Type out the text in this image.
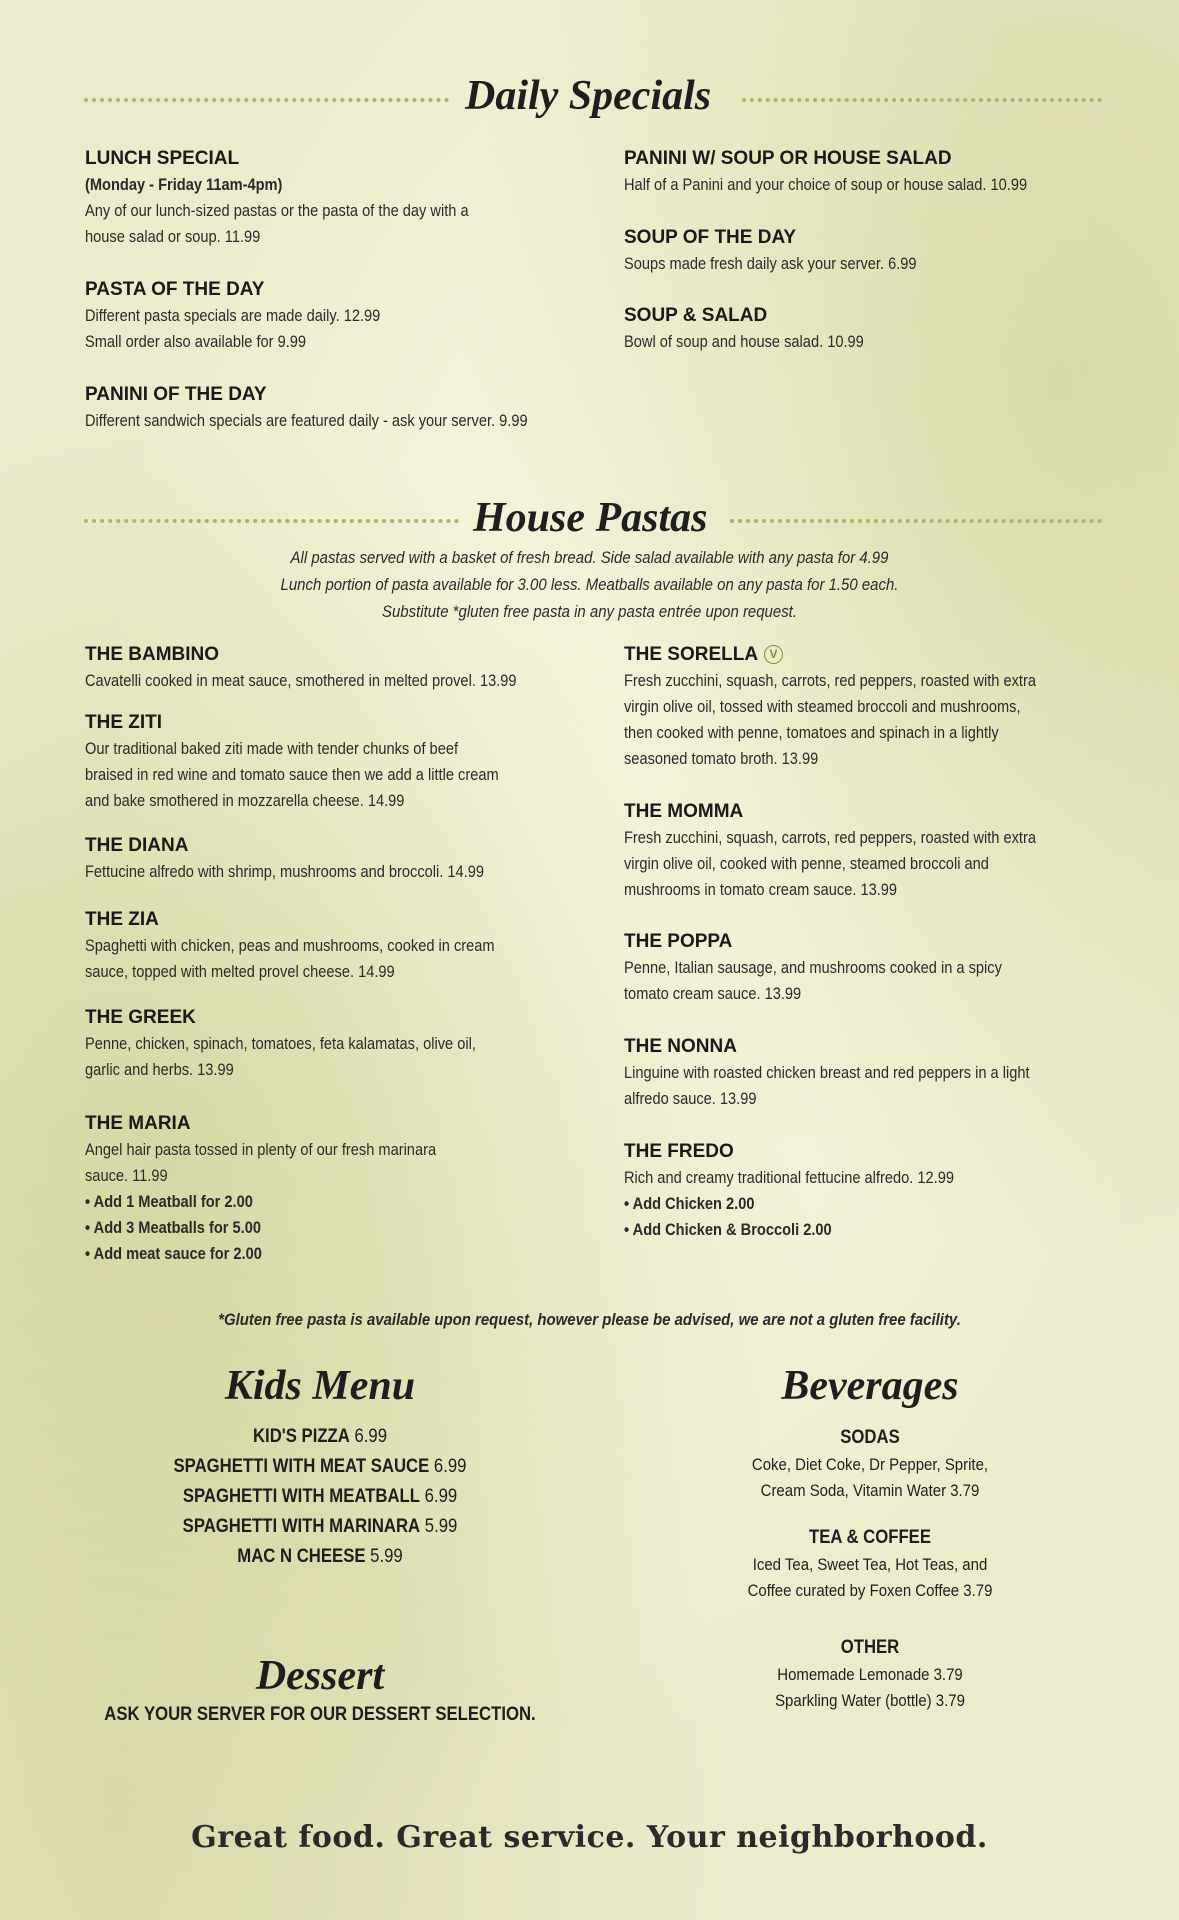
Daily Specials
LUNCH SPECIAL
(Monday - Friday 11am-4pm)
Any of our lunch-sized pastas or the pasta of the day with a
house salad or soup. 11.99
PASTA OF THE DAY
Different pasta specials are made daily. 12.99
Small order also available for 9.99
PANINI OF THE DAY
Different sandwich specials are featured daily - ask your server. 9.99
PANINI W/ SOUP OR HOUSE SALAD
Half of a Panini and your choice of soup or house salad. 10.99
SOUP OF THE DAY
Soups made fresh daily ask your server. 6.99
SOUP & SALAD
Bowl of soup and house salad. 10.99
House Pastas
All pastas served with a basket of fresh bread. Side salad available with any pasta for 4.99
Lunch portion of pasta available for 3.00 less. Meatballs available on any pasta for 1.50 each.
Substitute *gluten free pasta in any pasta entrée upon request.
THE BAMBINO
Cavatelli cooked in meat sauce, smothered in melted provel. 13.99
THE ZITI
Our traditional baked ziti made with tender chunks of beef
braised in red wine and tomato sauce then we add a little cream
and bake smothered in mozzarella cheese. 14.99
THE DIANA
Fettucine alfredo with shrimp, mushrooms and broccoli. 14.99
THE ZIA
Spaghetti with chicken, peas and mushrooms, cooked in cream
sauce, topped with melted provel cheese. 14.99
THE GREEK
Penne, chicken, spinach, tomatoes, feta kalamatas, olive oil,
garlic and herbs. 13.99
THE MARIA
Angel hair pasta tossed in plenty of our fresh marinara
sauce. 11.99
• Add 1 Meatball for 2.00
• Add 3 Meatballs for 5.00
• Add meat sauce for 2.00
THE SORELLA V
Fresh zucchini, squash, carrots, red peppers, roasted with extra
virgin olive oil, tossed with steamed broccoli and mushrooms,
then cooked with penne, tomatoes and spinach in a lightly
seasoned tomato broth. 13.99
THE MOMMA
Fresh zucchini, squash, carrots, red peppers, roasted with extra
virgin olive oil, cooked with penne, steamed broccoli and
mushrooms in tomato cream sauce. 13.99
THE POPPA
Penne, Italian sausage, and mushrooms cooked in a spicy
tomato cream sauce. 13.99
THE NONNA
Linguine with roasted chicken breast and red peppers in a light
alfredo sauce. 13.99
THE FREDO
Rich and creamy traditional fettucine alfredo. 12.99
• Add Chicken 2.00
• Add Chicken & Broccoli 2.00
*Gluten free pasta is available upon request, however please be advised, we are not a gluten free facility.
Kids Menu
KID'S PIZZA 6.99
SPAGHETTI WITH MEAT SAUCE 6.99
SPAGHETTI WITH MEATBALL 6.99
SPAGHETTI WITH MARINARA 5.99
MAC N CHEESE 5.99
Dessert
ASK YOUR SERVER FOR OUR DESSERT SELECTION.
Beverages
SODAS
Coke, Diet Coke, Dr Pepper, Sprite,
Cream Soda, Vitamin Water 3.79
TEA & COFFEE
Iced Tea, Sweet Tea, Hot Teas, and
Coffee curated by Foxen Coffee 3.79
OTHER
Homemade Lemonade 3.79
Sparkling Water (bottle) 3.79
Great food. Great service. Your neighborhood.
